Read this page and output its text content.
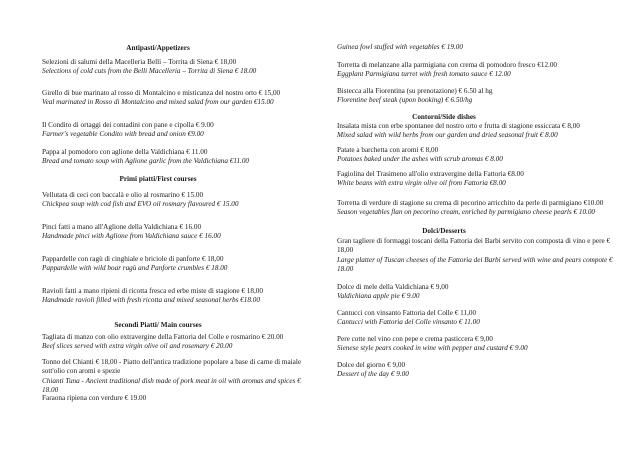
Antipasti/Appetizers
Selezioni di salumi della Macelleria Belli – Torrita di Siena € 18,00
Selections of cold cuts from the Belli Macelleria – Torrita di Siena € 18.00
Girello di bue marinato al rosso di Montalcino e misticanza del nostro orto € 15,00
Veal marinated in Rosso di Montalcino and mixed salad from our garden €15.00
Il Condito di ortaggi dei contadini con pane e cipolla € 9.00
Farmer's vegetable Condito with bread and onion €9.00
Pappa al pomodoro con aglione della Valdichiana € 11.00
Bread and tomato soup with Aglione garlic from the Valdichiana €11.00
Primi piatti/First courses
Vellutata di ceci con baccalà e olio al rosmarino € 15.00
Chickpea soup with cod fish and EVO oil rosmary flavoured € 15.00
Pinci fatti a mano all'Aglione della Valdichiana € 16.00
Handmade pinci with Aglione from Valdichiana sauce € 16.00
Pappardelle con ragù di cinghiale e briciole di panforte € 18,00
Pappardelle with wild boar ragù and Panforte crumbles € 18.00
Ravioli fatti a mano ripieni di ricotta fresca ed erbe miste di stagione € 18,00
Handmade ravioli filled with fresh ricotta and mixed seasonal herbs €18.00
Secondi Piatti/ Main courses
Tagliata di manzo con olio extravergine della Fattoria del Colle e rosmarino € 20.00
Beef slices served with extra virgin olive oil and rosemary € 20.00
Tonno del Chianti € 18,00 - Piatto dell'antica tradizione popolare a base di carne di maiale sott'olio con aromi e spezie
Chianti Tuna - Ancient traditional dish made of pork meat in oil with aromas and spices € 18.00
Faraona ripiena con verdure € 19.00
Guinea fowl stuffed with vegetables € 19.00
Torretta di melanzane alla parmigiana con crema di pomodoro fresco €12.00
Eggplant Parmigiana turret with fresh tomato sauce € 12.00
Bistecca alla Fiorentina (su prenotazione) € 6.50 al hg
Florentine beef steak (upon booking) € 6.50/hg
Contorni/Side dishes
Insalata mista con erbe spontanee del nostro orto e frutta di stagione essiccata € 8,00
Mixed salad with wild herbs from our garden and dried seasonal fruit € 8.00
Patate a barchetta con aromi € 8,00
Potatoes baked under the ashes with scrub aromas € 8.00
Fagiolina del Trasimeno all'olio extravergine della Fattoria €8.00
White beans with extra virgin olive oil from Fattoria €8.00
Torretta di verdure di stagione su crema di pecorino arricchito da perle di parmigiano €10.00
Season vegetables flan on pecorino cream, enriched by parmigiano cheese pearls € 10.00
Dolci/Desserts
Gran tagliere di formaggi toscani della Fattoria dei Barbi servito con composta di vino e pere € 18,00
Large platter of Tuscan cheeses of the Fattoria dei Barbi served with wine and pears compote € 18.00
Dolce di mele della Valdichiana € 9,00
Valdichiana apple pie € 9.00
Cantucci con vinsanto Fattoria del Colle € 11,00
Cantucci with Fattoria del Colle vinsanto € 11.00
Pere cotte nel vino con pepe e crema pasticcera € 9,00
Sienese style pears cooked in wine with pepper and custard € 9.00
Dolce del giorno € 9,00
Dessert of the day € 9.00
